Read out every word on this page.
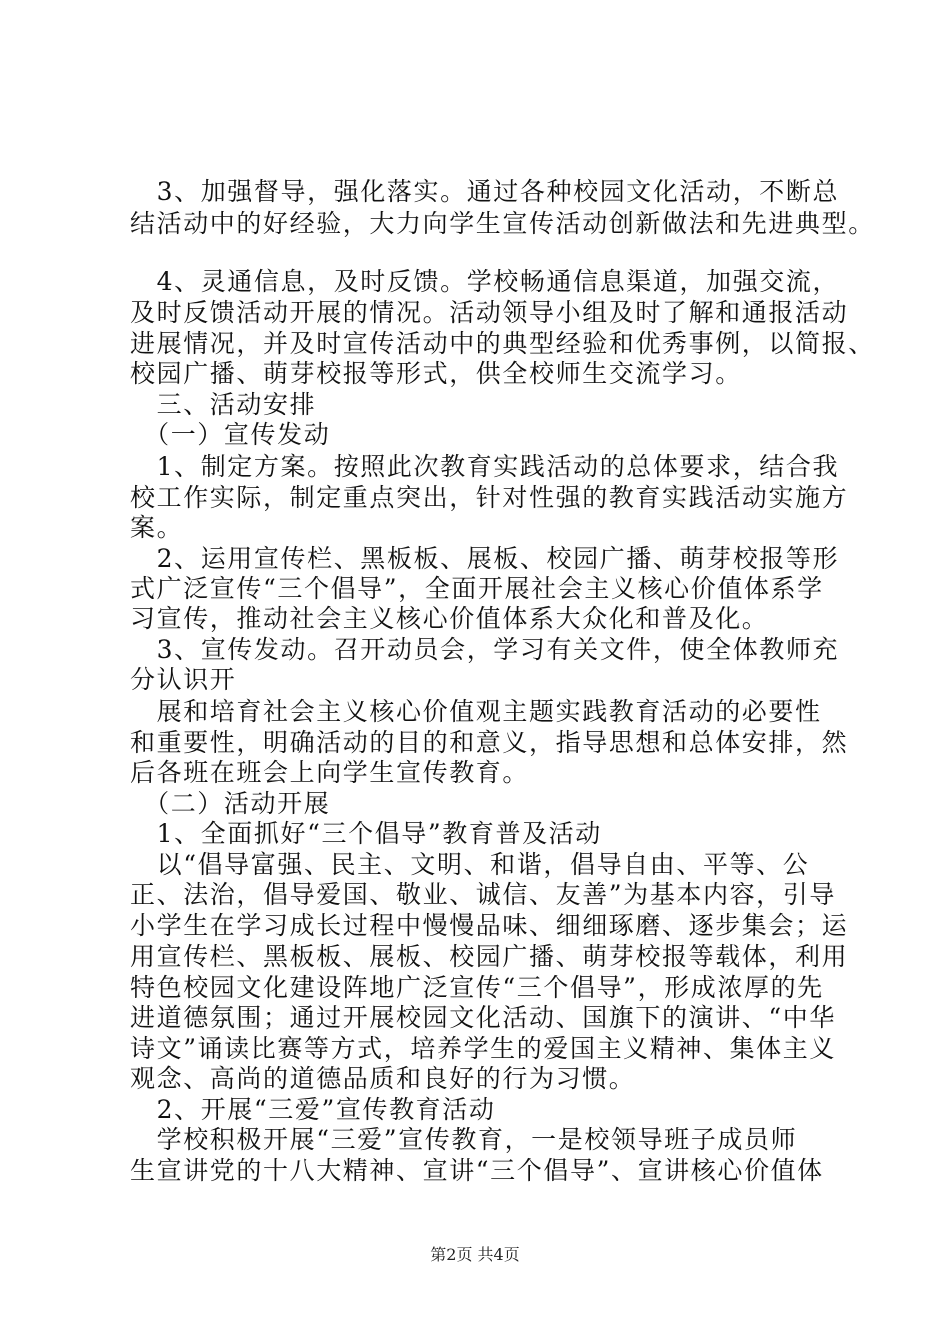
　3、加强督导，强化落实。通过各种校园文化活动，不断总
结活动中的好经验，大力向学生宣传活动创新做法和先进典型。
　4、灵通信息，及时反馈。学校畅通信息渠道，加强交流，
及时反馈活动开展的情况。活动领导小组及时了解和通报活动
进展情况，并及时宣传活动中的典型经验和优秀事例，以简报、
校园广播、萌芽校报等形式，供全校师生交流学习。
　三、活动安排
　（一）宣传发动
　1、制定方案。按照此次教育实践活动的总体要求，结合我
校工作实际，制定重点突出，针对性强的教育实践活动实施方
案。
　2、运用宣传栏、黑板板、展板、校园广播、萌芽校报等形
式广泛宣传“三个倡导”，全面开展社会主义核心价值体系学
习宣传，推动社会主义核心价值体系大众化和普及化。
　3、宣传发动。召开动员会，学习有关文件，使全体教师充
分认识开
　展和培育社会主义核心价值观主题实践教育活动的必要性
和重要性，明确活动的目的和意义，指导思想和总体安排，然
后各班在班会上向学生宣传教育。
　（二）活动开展
　1、全面抓好“三个倡导”教育普及活动
　以“倡导富强、民主、文明、和谐，倡导自由、平等、公
正、法治，倡导爱国、敬业、诚信、友善”为基本内容，引导
小学生在学习成长过程中慢慢品味、细细琢磨、逐步集会；运
用宣传栏、黑板板、展板、校园广播、萌芽校报等载体，利用
特色校园文化建设阵地广泛宣传“三个倡导”，形成浓厚的先
进道德氛围；通过开展校园文化活动、国旗下的演讲、“中华
诗文”诵读比赛等方式，培养学生的爱国主义精神、集体主义
观念、高尚的道德品质和良好的行为习惯。
　2、开展“三爱”宣传教育活动
　学校积极开展“三爱”宣传教育，一是校领导班子成员师
生宣讲党的十八大精神、宣讲“三个倡导”、宣讲核心价值体
第2页 共4页
